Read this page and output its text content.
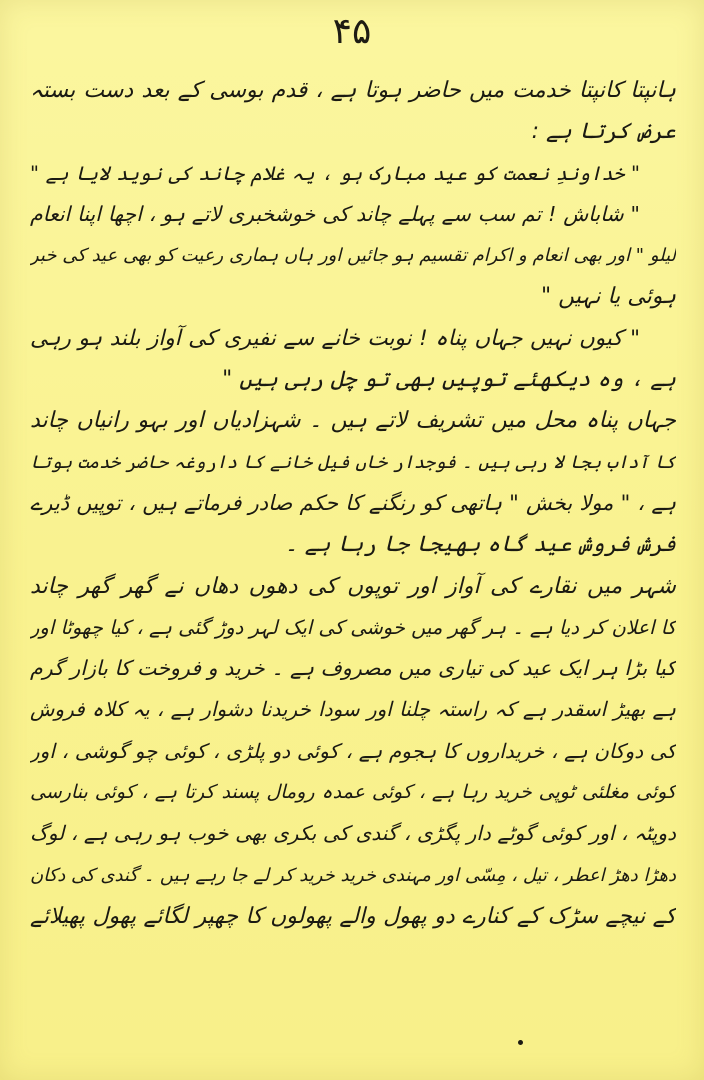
۴۵
ہانپتا کانپتا خدمت میں حاضر ہوتا ہے ، قدم بوسی کے بعد دست بستہ
عرض کرتا ہے :
" خداوندِ نعمت کو عید مبارک ہو ، یہ غلام چاند کی نوید لایا ہے "
" شاباش ! تم سب سے پہلے چاند کی خوشخبری لاتے ہو ، اچھا اپنا انعام
لیلو " اور بھی انعام و اکرام تقسیم ہو جائیں اور ہاں ہماری رعیت کو بھی عید کی خبر
ہوئی یا نہیں "
" کیوں نہیں جہاں پناہ ! نوبت خانے سے نفیری کی آواز بلند ہو رہی
ہے ، وہ دیکھئے توپیں بھی تو چل رہی ہیں "
جہاں پناہ محل میں تشریف لاتے ہیں ۔ شہزادیاں اور بہو رانیاں چاند
کا آداب بجا لا رہی ہیں ۔ فوجدار خاں فیل خانے کا داروغہ حاضر خدمت ہوتا
ہے ، " مولا بخش " ہاتھی کو رنگنے کا حکم صادر فرماتے ہیں ، توپیں ڈیرے
فرش فروش عید گاہ بھیجا جا رہا ہے ۔
شہر میں نقارے کی آواز اور توپوں کی دھوں دھاں نے گھر گھر چاند
کا اعلان کر دیا ہے ۔ ہر گھر میں خوشی کی ایک لہر دوڑ گئی ہے ، کیا چھوٹا اور
کیا بڑا ہر ایک عید کی تیاری میں مصروف ہے ۔ خرید و فروخت کا بازار گرم
ہے بھیڑ اسقدر ہے کہ راستہ چلنا اور سودا خریدنا دشوار ہے ، یہ کلاہ فروش
کی دوکان ہے ، خریداروں کا ہجوم ہے ، کوئی دو پلڑی ، کوئی چو گوشی ، اور
کوئی مغلئی ٹوپی خرید رہا ہے ، کوئی عمدہ رومال پسند کرتا ہے ، کوئی بنارسی
دوپٹہ ، اور کوئی گوٹے دار پگڑی ، گندی کی بکری بھی خوب ہو رہی ہے ، لوگ
دھڑا دھڑ اعطر ، تیل ، مِسّی اور مہندی خرید خرید کر لے جا رہے ہیں ۔ گندی کی دکان
کے نیچے سڑک کے کنارے دو پھول والے پھولوں کا چھپر لگائے پھول پھیلائے
